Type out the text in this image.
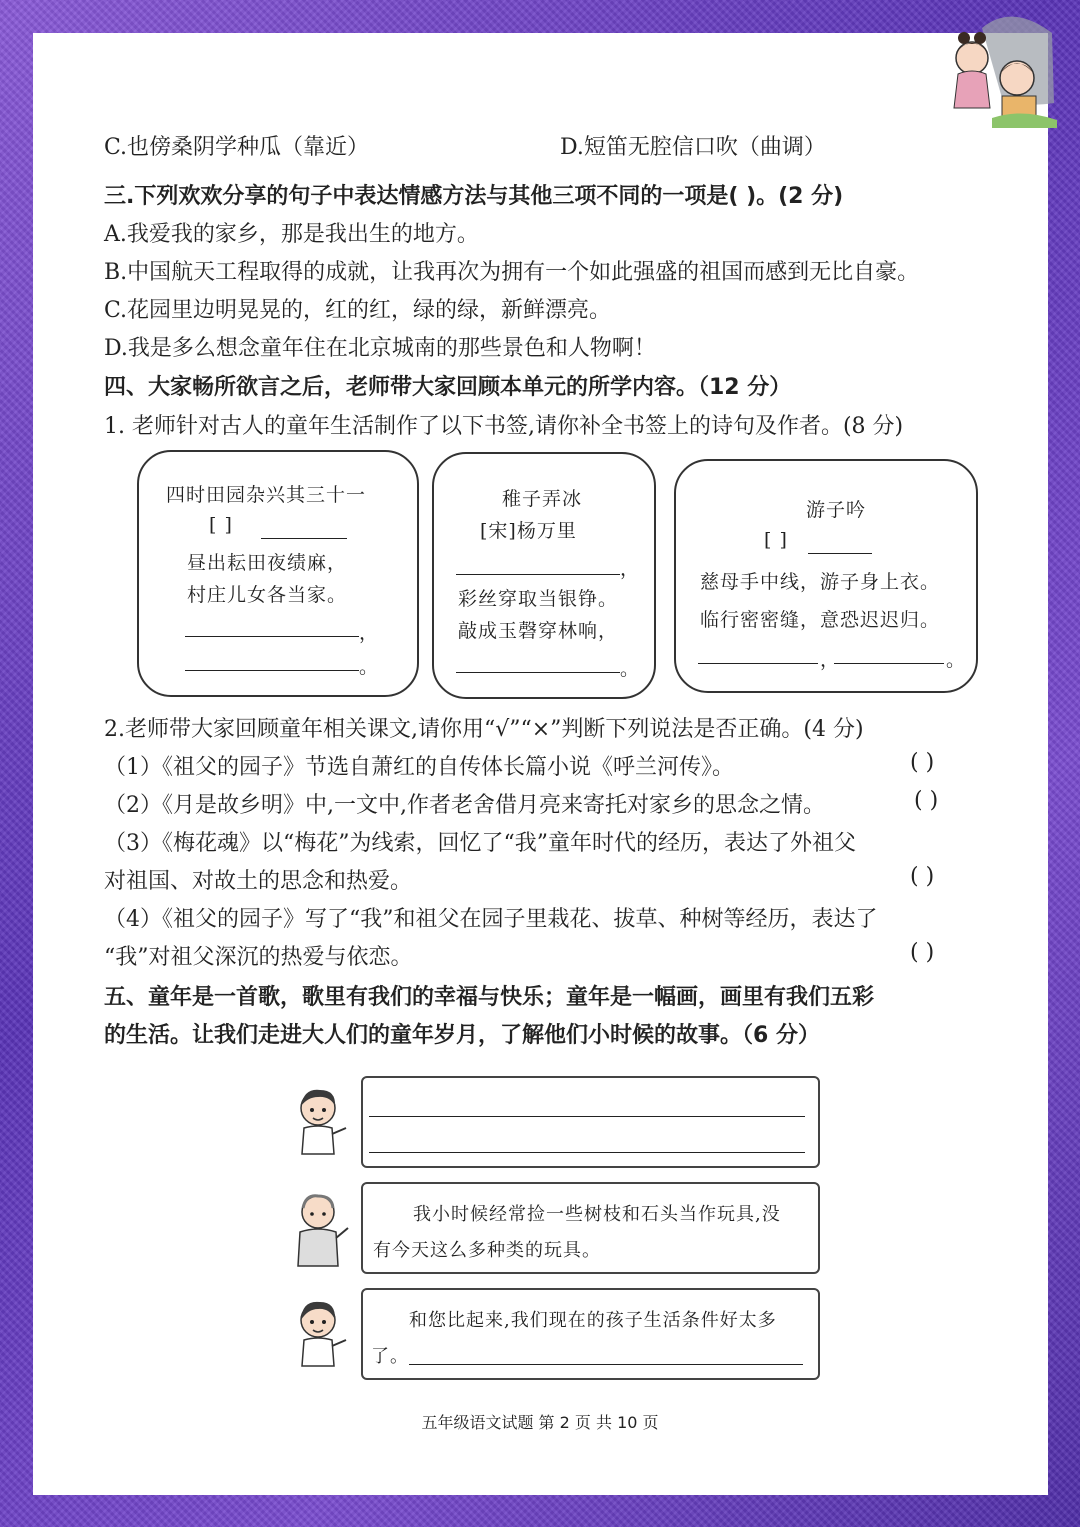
C.也傍桑阴学种瓜（靠近）	D.短笛无腔信口吹（曲调）
三.下列欢欢分享的句子中表达情感方法与其他三项不同的一项是( )。(2 分)
A.我爱我的家乡，那是我出生的地方。
B.中国航天工程取得的成就，让我再次为拥有一个如此强盛的祖国而感到无比自豪。
C.花园里边明晃晃的，红的红，绿的绿，新鲜漂亮。
D.我是多么想念童年住在北京城南的那些景色和人物啊！
四、大家畅所欲言之后，老师带大家回顾本单元的所学内容。（12 分）
1. 老师针对古人的童年生活制作了以下书签,请你补全书签上的诗句及作者。(8 分)
四时田园杂兴其三十一
[ ]
昼出耘田夜绩麻，
村庄儿女各当家。
，
。
稚子弄冰
[宋]杨万里
，
彩丝穿取当银铮。
敲成玉磬穿林响，
。
游子吟
[ ]
慈母手中线，游子身上衣。
临行密密缝，意恐迟迟归。
，	。
2.老师带大家回顾童年相关课文,请你用“√”“×”判断下列说法是否正确。(4 分)
（1）《祖父的园子》节选自萧红的自传体长篇小说《呼兰河传》。	( )
（2）《月是故乡明》中,一文中,作者老舍借月亮来寄托对家乡的思念之情。	( )
（3）《梅花魂》以“梅花”为线索，回忆了“我”童年时代的经历，表达了外祖父
对祖国、对故土的思念和热爱。	( )
（4）《祖父的园子》写了“我”和祖父在园子里栽花、拔草、种树等经历，表达了
“我”对祖父深沉的热爱与依恋。	( )
五、童年是一首歌，歌里有我们的幸福与快乐；童年是一幅画，画里有我们五彩
的生活。让我们走进大人们的童年岁月，了解他们小时候的故事。（6 分）
我小时候经常捡一些树枝和石头当作玩具,没
有今天这么多种类的玩具。
和您比起来,我们现在的孩子生活条件好太多
了。
五年级语文试题 第 2 页 共 10 页
